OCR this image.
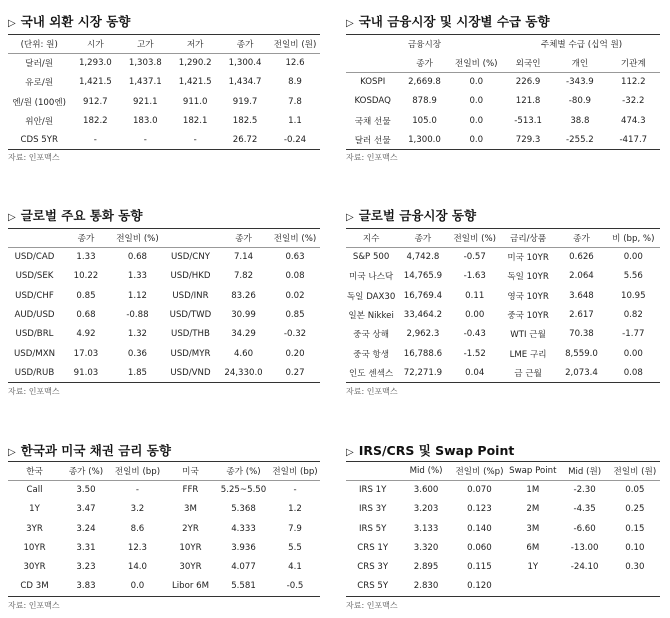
▷ 국내 외환 시장 동향
(단위: 원)	시가	고가	저가	종가	전일비 (원)
달러/원	1,293.0	1,303.8	1,290.2	1,300.4	12.6
유로/원	1,421.5	1,437.1	1,421.5	1,434.7	8.9
엔/원 (100엔)	912.7	921.1	911.0	919.7	7.8
위안/원	182.2	183.0	182.1	182.5	1.1
CDS 5YR	-	-	-	26.72	-0.24
자료: 인포맥스
▷ 국내 금융시장 및 시장별 수급 동향
금융시장			주체별 수급 (십억 원)		
	종가	전일비 (%)	외국인	개인	기관계
KOSPI	2,669.8	0.0	226.9	-343.9	112.2
KOSDAQ	878.9	0.0	121.8	-80.9	-32.2
국채 선물	105.0	0.0	-513.1	38.8	474.3
달러 선물	1,300.0	0.0	729.3	-255.2	-417.7
자료: 인포맥스
▷ 글로벌 주요 통화 동향
	종가	전일비 (%)		종가	전일비 (%)
USD/CAD	1.33	0.68	USD/CNY	7.14	0.63
USD/SEK	10.22	1.33	USD/HKD	7.82	0.08
USD/CHF	0.85	1.12	USD/INR	83.26	0.02
AUD/USD	0.68	-0.88	USD/TWD	30.99	0.85
USD/BRL	4.92	1.32	USD/THB	34.29	-0.32
USD/MXN	17.03	0.36	USD/MYR	4.60	0.20
USD/RUB	91.03	1.85	USD/VND	24,330.0	0.27
자료: 인포맥스
▷ 글로벌 금융시장 동향
지수	종가	전일비 (%)	금리/상품	종가	비 (bp, %)
S&P 500	4,742.8	-0.57	미국 10YR	0.626	0.00
미국 나스닥	14,765.9	-1.63	독일 10YR	2.064	5.56
독일 DAX30	16,769.4	0.11	영국 10YR	3.648	10.95
일본 Nikkei	33,464.2	0.00	중국 10YR	2.617	0.82
중국 상해	2,962.3	-0.43	WTI 근월	70.38	-1.77
중국 항생	16,788.6	-1.52	LME 구리	8,559.0	0.00
인도 센섹스	72,271.9	0.04	금 근월	2,073.4	0.08
자료: 인포맥스
▷ 한국과 미국 채권 금리 동향
한국	종가 (%)	전일비 (bp)	미국	종가 (%)	전일비 (bp)
Call	3.50	-	FFR	5.25~5.50	-
1Y	3.47	3.2	3M	5.368	1.2
3YR	3.24	8.6	2YR	4.333	7.9
10YR	3.31	12.3	10YR	3.936	5.5
30YR	3.23	14.0	30YR	4.077	4.1
CD 3M	3.83	0.0	Libor 6M	5.581	-0.5
자료: 인포맥스
▷ IRS/CRS 및 Swap Point
	Mid (%)	전일비 (%p)	Swap Point	Mid (원)	전일비 (원)
IRS 1Y	3.600	0.070	1M	-2.30	0.05
IRS 3Y	3.203	0.123	2M	-4.35	0.25
IRS 5Y	3.133	0.140	3M	-6.60	0.15
CRS 1Y	3.320	0.060	6M	-13.00	0.10
CRS 3Y	2.895	0.115	1Y	-24.10	0.30
CRS 5Y	2.830	0.120			
자료: 인포맥스
